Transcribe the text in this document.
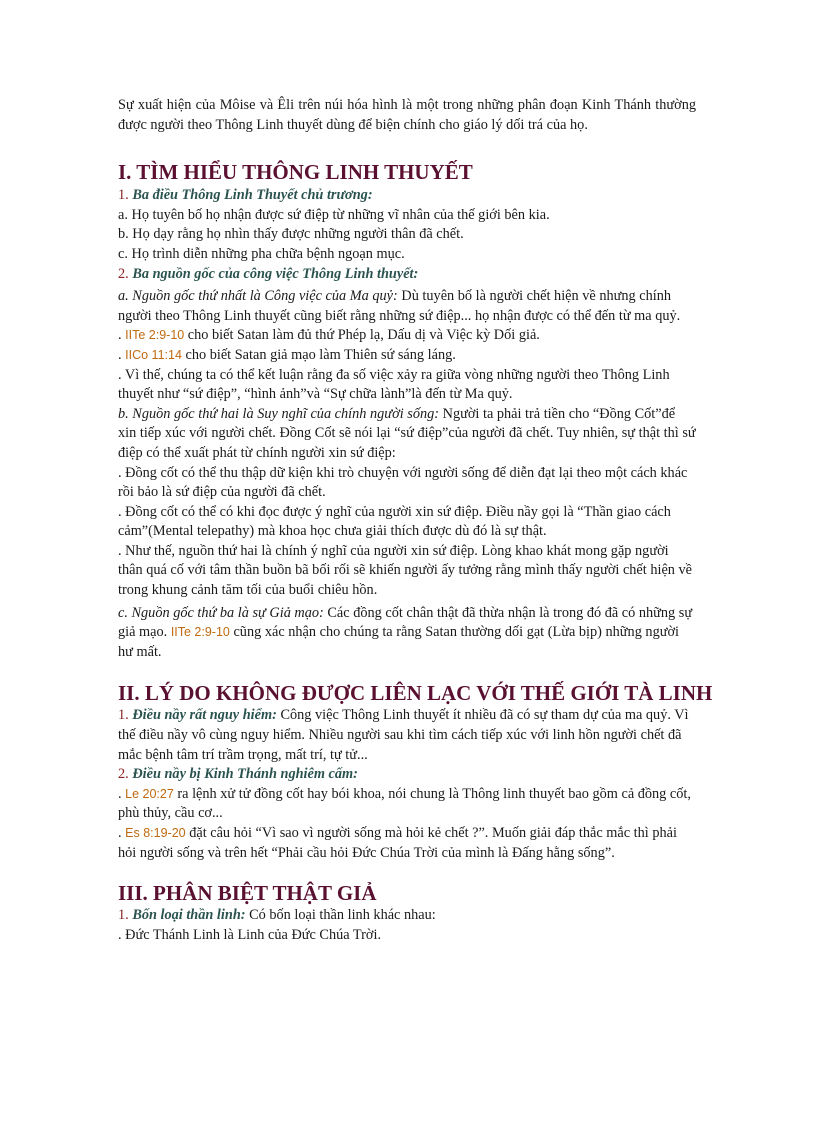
Sự xuất hiện của Môise và Êli trên núi hóa hình là một trong những phân đoạn Kinh Thánh thường được người theo Thông Linh thuyết dùng để biện chính cho giáo lý dối trá của họ.

I. TÌM HIỂU THÔNG LINH THUYẾT

1. Ba điều Thông Linh Thuyết chủ trương:

a. Họ tuyên bố họ nhận được sứ điệp từ những vĩ nhân của thế giới bên kia.

b. Họ dạy rằng họ nhìn thấy được những người thân đã chết.

c. Họ trình diễn những pha chữa bệnh ngoạn mục.

2. Ba nguồn gốc của công việc Thông Linh thuyết:

a. Nguồn gốc thứ nhất là Công việc của Ma quỷ: Dù tuyên bố là người chết hiện về nhưng chính người theo Thông Linh thuyết cũng biết rằng những sứ điệp... họ nhận được có thể đến từ ma quỷ.

. IITe 2:9-10 cho biết Satan làm đủ thứ Phép lạ, Dấu dị và Việc kỳ Dối giả.

. IICo 11:14 cho biết Satan giả mạo làm Thiên sứ sáng láng.

. Vì thế, chúng ta có thể kết luận rằng đa số việc xảy ra giữa vòng những người theo Thông Linh thuyết như “sứ điệp”, “hình ảnh”và “Sự chữa lành”là đến từ Ma quỷ.

b. Nguồn gốc thứ hai là Suy nghĩ của chính người sống: Người ta phải trả tiền cho “Đồng Cốt”để xin tiếp xúc với người chết. Đồng Cốt sẽ nói lại “sứ điệp”của người đã chết. Tuy nhiên, sự thật thì sứ điệp có thể xuất phát từ chính người xin sứ điệp:

. Đồng cốt có thể thu thập dữ kiện khi trò chuyện với người sống để diễn đạt lại theo một cách khác rồi bảo là sứ điệp của người đã chết.

. Đồng cốt có thể có khi đọc được ý nghĩ của người xin sứ điệp. Điều nầy gọi là “Thần giao cách cảm”(Mental telepathy) mà khoa học chưa giải thích được dù đó là sự thật.

. Như thế, nguồn thứ hai là chính ý nghĩ của người xin sứ điệp. Lòng khao khát mong gặp người thân quá cố với tâm thần buồn bã bối rối sẽ khiến người ấy tưởng rằng mình thấy người chết hiện về trong khung cảnh tăm tối của buổi chiêu hồn.

c. Nguồn gốc thứ ba là sự Giả mạo: Các đồng cốt chân thật đã thừa nhận là trong đó đã có những sự giả mạo. IITe 2:9-10 cũng xác nhận cho chúng ta rằng Satan thường dối gạt (Lừa bịp) những người hư mất.

II. LÝ DO KHÔNG ĐƯỢC LIÊN LẠC VỚI THẾ GIỚI TÀ LINH

1. Điều nầy rất nguy hiểm: Công việc Thông Linh thuyết ít nhiều đã có sự tham dự của ma quỷ. Vì thế điều nầy vô cùng nguy hiểm. Nhiều người sau khi tìm cách tiếp xúc với linh hồn người chết đã mắc bệnh tâm trí trầm trọng, mất trí, tự tử...

2. Điều nầy bị Kinh Thánh nghiêm cấm:

. Le 20:27 ra lệnh xử tử đồng cốt hay bói khoa, nói chung là Thông linh thuyết bao gồm cả đồng cốt, phù thủy, cầu cơ...

. Es 8:19-20 đặt câu hỏi “Vì sao vì người sống mà hỏi kẻ chết ?”. Muốn giải đáp thắc mắc thì phải hỏi người sống và trên hết “Phải cầu hỏi Đức Chúa Trời của mình là Đấng hằng sống”.

III. PHÂN BIỆT THẬT GIẢ

1. Bốn loại thần linh: Có bốn loại thần linh khác nhau:

. Đức Thánh Linh là Linh của Đức Chúa Trời.
